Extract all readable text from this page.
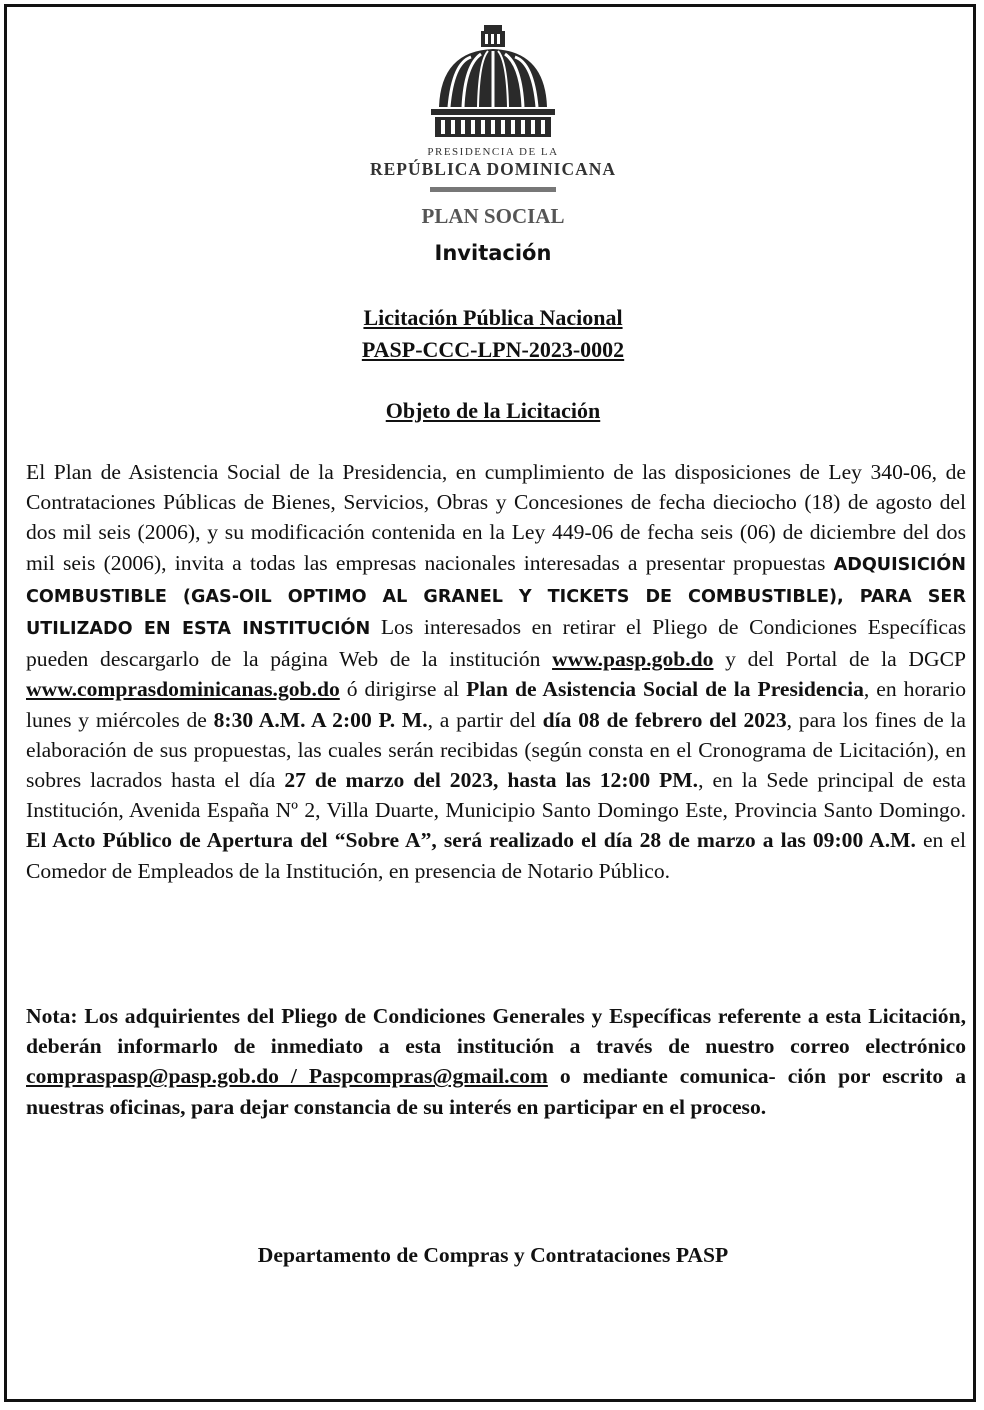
PRESIDENCIA DE LA
REPÚBLICA DOMINICANA
PLAN SOCIAL
Invitación
Licitación Pública Nacional
PASP-CCC-LPN-2023-0002
Objeto de la Licitación
El Plan de Asistencia Social de la Presidencia, en cumplimiento de las disposiciones de Ley 340-06, de Contrataciones Públicas de Bienes, Servicios, Obras y Concesiones de fecha dieciocho (18) de agosto del dos mil seis (2006), y su modificación contenida en la Ley 449-06 de fecha seis (06) de diciembre del dos mil seis (2006), invita a todas las empresas nacionales interesadas a presentar propuestas ADQUISICIÓN COMBUSTIBLE (GAS-OIL OPTIMO AL GRANEL Y TICKETS DE COMBUSTIBLE), PARA SER UTILIZADO EN ESTA INSTITUCIÓN Los interesados en retirar el Pliego de Condiciones Específicas pueden descargarlo de la página Web de la institución www.pasp.gob.do y del Portal de la DGCP www.comprasdominicanas.gob.do ó dirigirse al Plan de Asistencia Social de la Presidencia, en horario lunes y miércoles de 8:30 A.M. A 2:00 P. M., a partir del día 08 de febrero del 2023, para los fines de la elaboración de sus propuestas, las cuales serán recibidas (según consta en el Cronograma de Licitación), en sobres lacrados hasta el día 27 de marzo del 2023, hasta las 12:00 PM., en la Sede principal de esta Institución, Avenida España Nº 2, Villa Duarte, Municipio Santo Domingo Este, Provincia Santo Domingo. El Acto Público de Apertura del “Sobre A”, será realizado el día 28 de marzo a las 09:00 A.M. en el Comedor de Empleados de la Institución, en presencia de Notario Público.
Nota: Los adquirientes del Pliego de Condiciones Generales y Específicas referente a esta Licitación, deberán informarlo de inmediato a esta institución a través de nuestro correo electrónico compraspasp@pasp.gob.do / Paspcompras@gmail.com o mediante comunica- ción por escrito a nuestras oficinas, para dejar constancia de su interés en participar en el proceso.
Departamento de Compras y Contrataciones PASP
